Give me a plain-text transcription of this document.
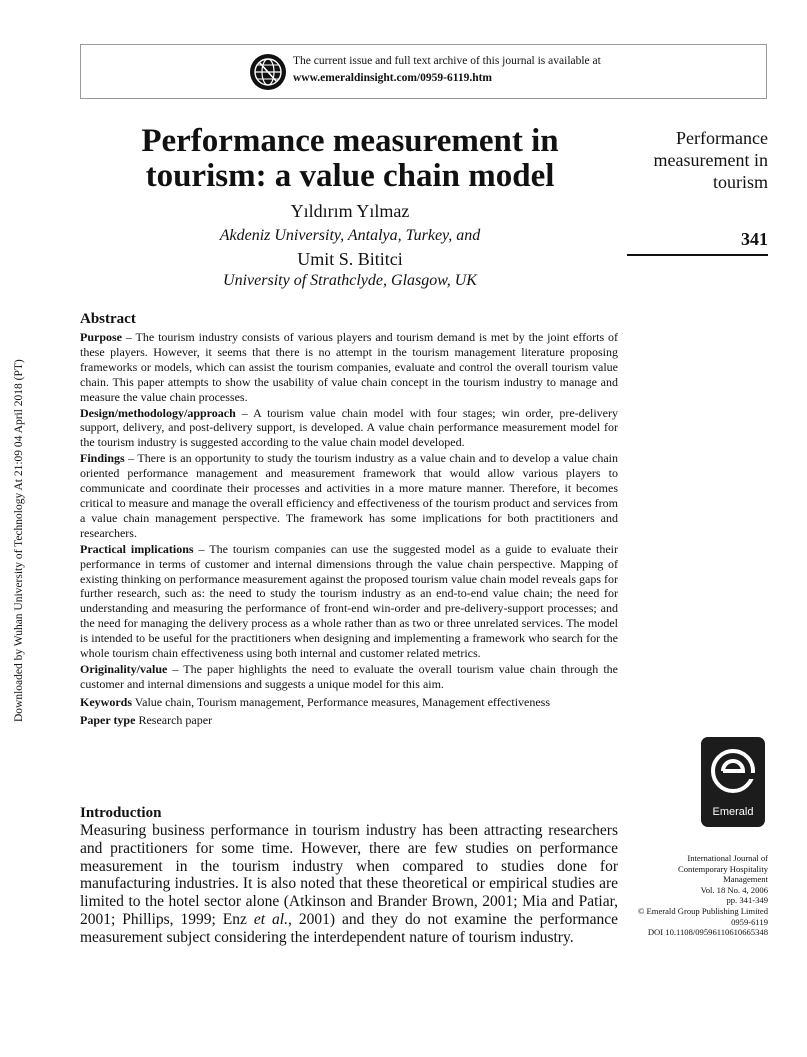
The current issue and full text archive of this journal is available at
www.emeraldinsight.com/0959-6119.htm
Downloaded by Wuhan University of Technology At 21:09 04 April 2018 (PT)
Performance measurement in
tourism: a value chain model
Yıldırım Yılmaz
Akdeniz University, Antalya, Turkey, and
Umit S. Bititci
University of Strathclyde, Glasgow, UK
Performance
measurement in
tourism
341
Abstract

Purpose – The tourism industry consists of various players and tourism demand is met by the joint efforts of these players. However, it seems that there is no attempt in the tourism management literature proposing frameworks or models, which can assist the tourism companies, evaluate and control the overall tourism value chain. This paper attempts to show the usability of value chain concept in the tourism industry to manage and measure the value chain processes.

Design/methodology/approach – A tourism value chain model with four stages; win order, pre-delivery support, delivery, and post-delivery support, is developed. A value chain performance measurement model for the tourism industry is suggested according to the value chain model developed.

Findings – There is an opportunity to study the tourism industry as a value chain and to develop a value chain oriented performance management and measurement framework that would allow various players to communicate and coordinate their processes and activities in a more mature manner. Therefore, it becomes critical to measure and manage the overall efficiency and effectiveness of the tourism product and services from a value chain management perspective. The framework has some implications for both practitioners and researchers.

Practical implications – The tourism companies can use the suggested model as a guide to evaluate their performance in terms of customer and internal dimensions through the value chain perspective. Mapping of existing thinking on performance measurement against the proposed tourism value chain model reveals gaps for further research, such as: the need to study the tourism industry as an end-to-end value chain; the need for understanding and measuring the performance of front-end win-order and pre-delivery-support processes; and the need for managing the delivery process as a whole rather than as two or three unrelated services. The model is intended to be useful for the practitioners when designing and implementing a framework who search for the whole tourism chain effectiveness using both internal and customer related metrics.

Originality/value – The paper highlights the need to evaluate the overall tourism value chain through the customer and internal dimensions and suggests a unique model for this aim.

Keywords Value chain, Tourism management, Performance measures, Management effectiveness

Paper type Research paper

Emerald
Introduction

Measuring business performance in tourism industry has been attracting researchers and practitioners for some time. However, there are few studies on performance measurement in the tourism industry when compared to studies done for manufacturing industries. It is also noted that these theoretical or empirical studies are limited to the hotel sector alone (Atkinson and Brander Brown, 2001; Mia and Patiar, 2001; Phillips, 1999; Enz et al., 2001) and they do not examine the performance measurement subject considering the interdependent nature of tourism industry.

International Journal of
Contemporary Hospitality
Management
Vol. 18 No. 4, 2006
pp. 341-349
© Emerald Group Publishing Limited
0959-6119
DOI 10.1108/09596110610665348
